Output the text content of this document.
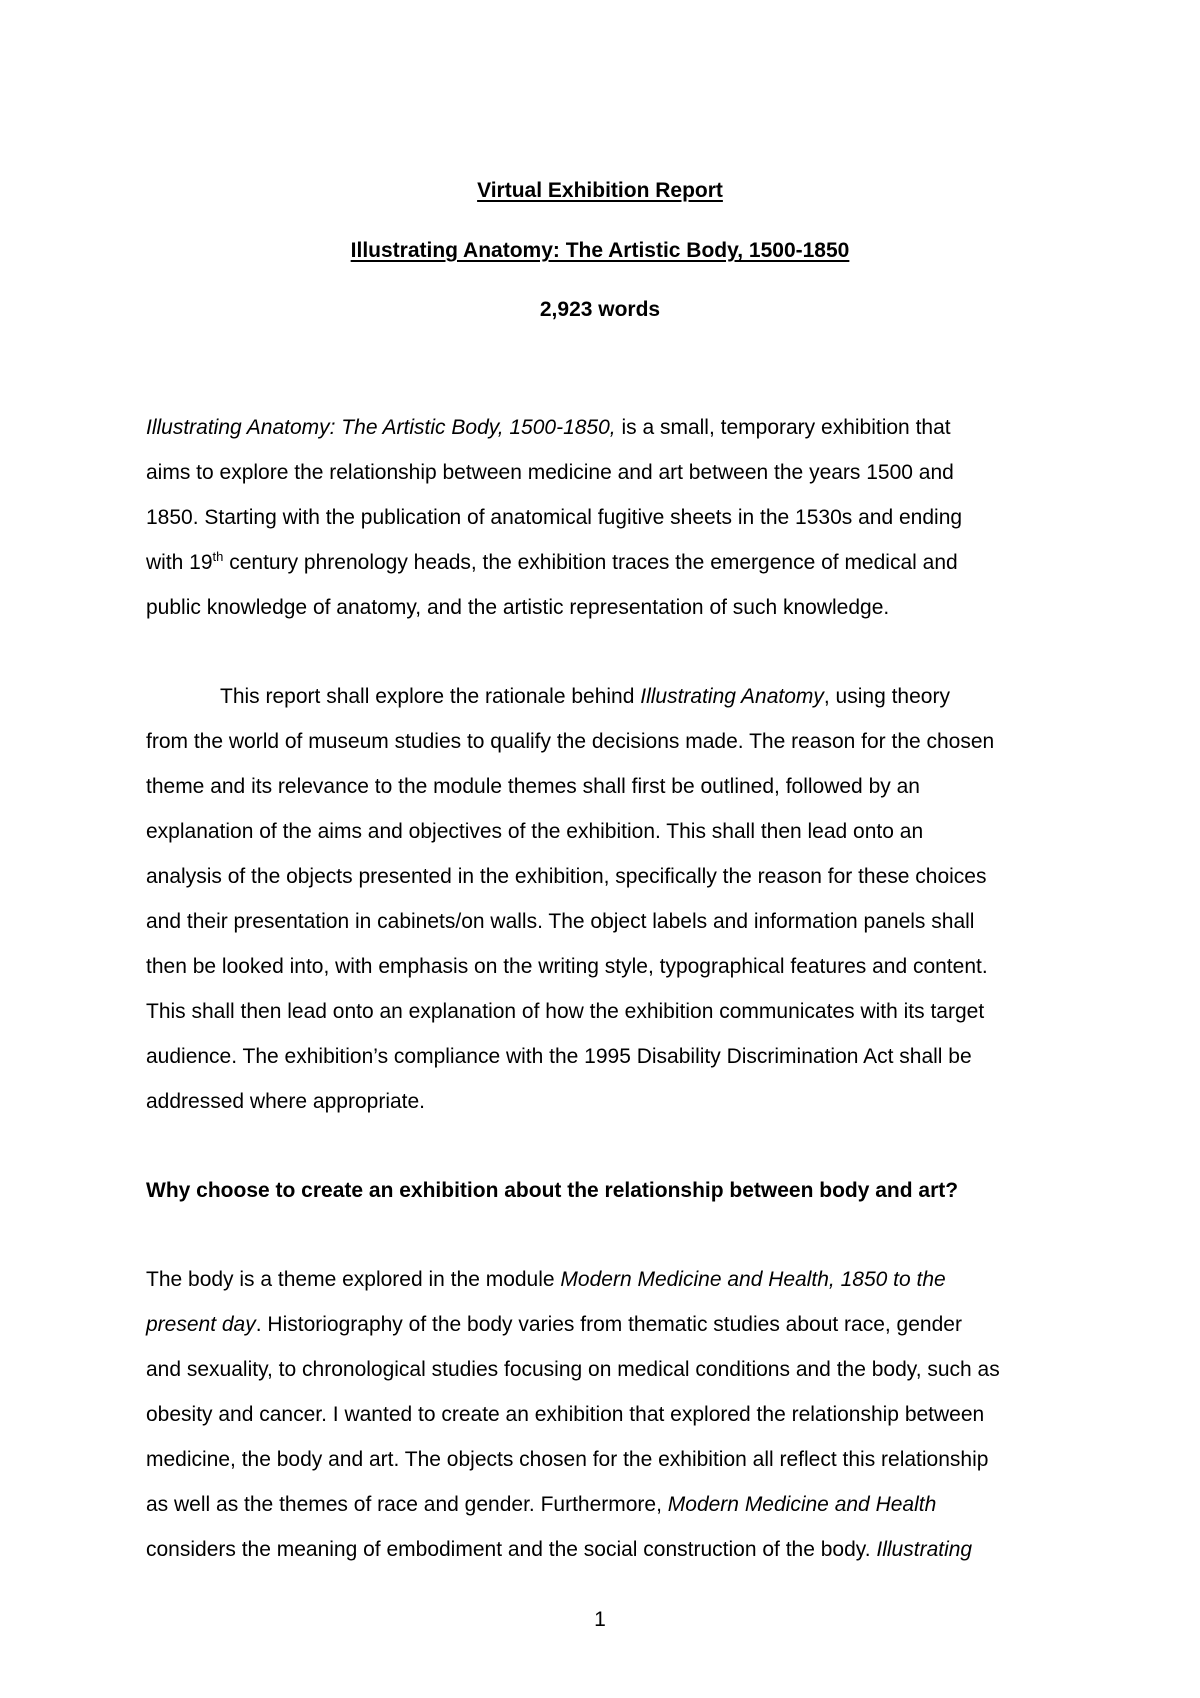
Virtual Exhibition Report
Illustrating Anatomy: The Artistic Body, 1500-1850
2,923 words
Illustrating Anatomy: The Artistic Body, 1500-1850, is a small, temporary exhibition that
aims to explore the relationship between medicine and art between the years 1500 and
1850. Starting with the publication of anatomical fugitive sheets in the 1530s and ending
with 19th century phrenology heads, the exhibition traces the emergence of medical and
public knowledge of anatomy, and the artistic representation of such knowledge.
This report shall explore the rationale behind Illustrating Anatomy, using theory
from the world of museum studies to qualify the decisions made. The reason for the chosen
theme and its relevance to the module themes shall first be outlined, followed by an
explanation of the aims and objectives of the exhibition. This shall then lead onto an
analysis of the objects presented in the exhibition, specifically the reason for these choices
and their presentation in cabinets/on walls. The object labels and information panels shall
then be looked into, with emphasis on the writing style, typographical features and content.
This shall then lead onto an explanation of how the exhibition communicates with its target
audience. The exhibition’s compliance with the 1995 Disability Discrimination Act shall be
addressed where appropriate.
Why choose to create an exhibition about the relationship between body and art?
The body is a theme explored in the module Modern Medicine and Health, 1850 to the
present day. Historiography of the body varies from thematic studies about race, gender
and sexuality, to chronological studies focusing on medical conditions and the body, such as
obesity and cancer. I wanted to create an exhibition that explored the relationship between
medicine, the body and art. The objects chosen for the exhibition all reflect this relationship
as well as the themes of race and gender. Furthermore, Modern Medicine and Health
considers the meaning of embodiment and the social construction of the body. Illustrating
1
